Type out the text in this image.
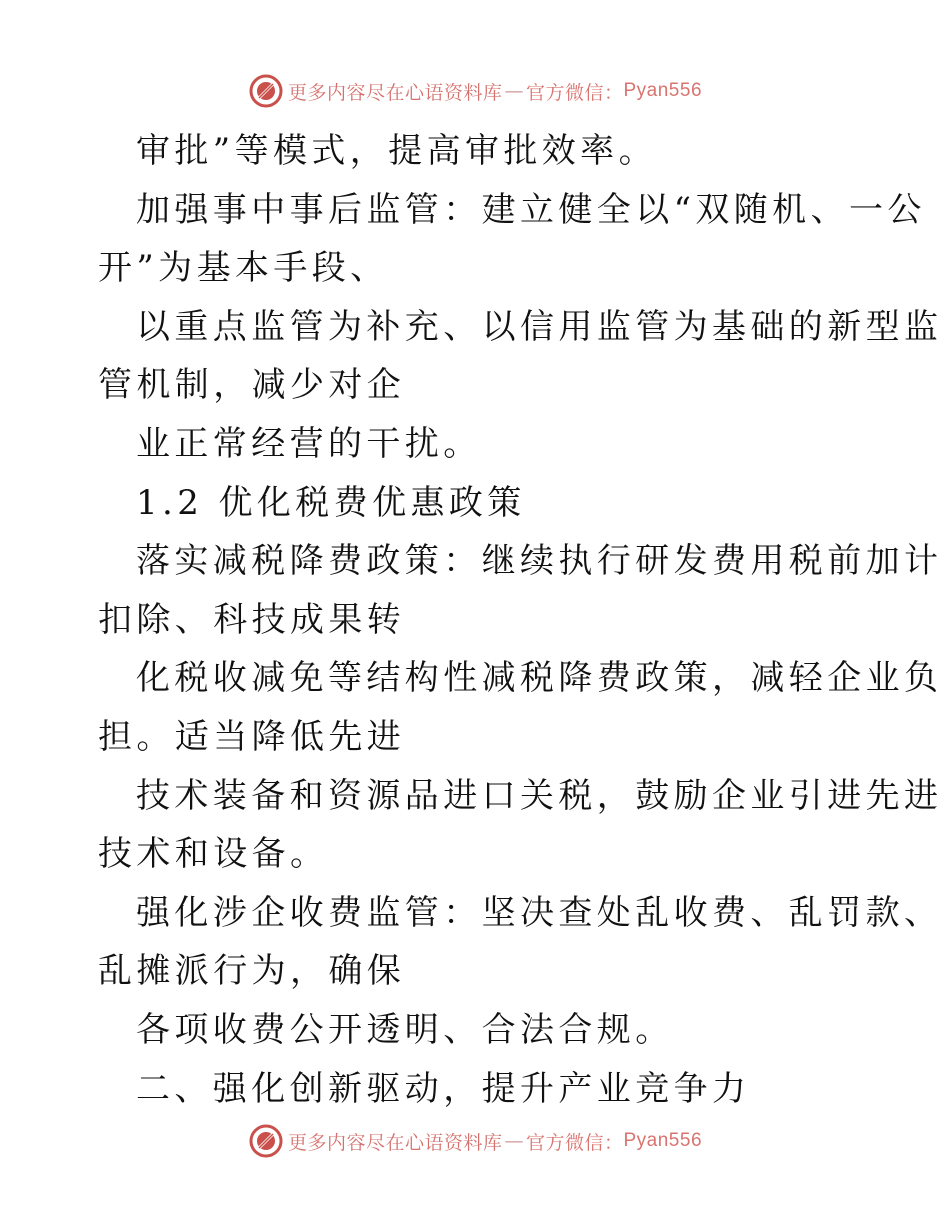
更多内容尽在心语资料库 — 官方微信： Pyan556
审批”等模式，提高审批效率。
加强事中事后监管：建立健全以“双随机、一公
开”为基本手段、
以重点监管为补充、以信用监管为基础的新型监
管机制，减少对企
业正常经营的干扰。
1.2 优化税费优惠政策
落实减税降费政策：继续执行研发费用税前加计
扣除、科技成果转
化税收减免等结构性减税降费政策，减轻企业负
担。适当降低先进
技术装备和资源品进口关税，鼓励企业引进先进
技术和设备。
强化涉企收费监管：坚决查处乱收费、乱罚款、
乱摊派行为，确保
各项收费公开透明、合法合规。
二、强化创新驱动，提升产业竞争力
更多内容尽在心语资料库 — 官方微信： Pyan556
